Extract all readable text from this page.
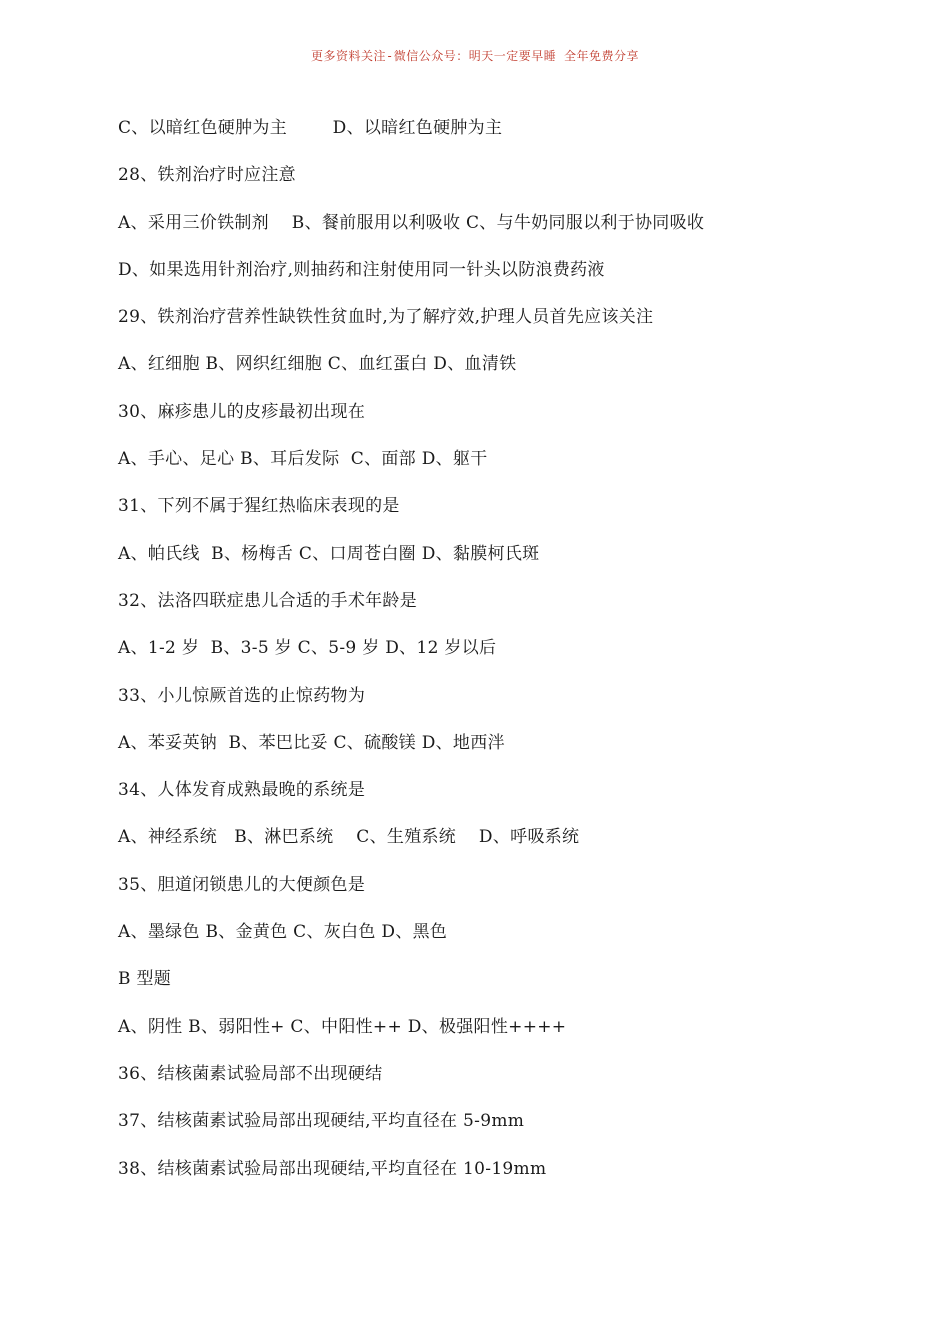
更多资料关注-微信公众号：明天一定要早睡 全年免费分享
C、以暗红色硬肿为主        D、以暗红色硬肿为主
28、铁剂治疗时应注意
A、采用三价铁制剂    B、餐前服用以利吸收 C、与牛奶同服以利于协同吸收
D、如果选用针剂治疗,则抽药和注射使用同一针头以防浪费药液
29、铁剂治疗营养性缺铁性贫血时,为了解疗效,护理人员首先应该关注
A、红细胞 B、网织红细胞 C、血红蛋白 D、血清铁
30、麻疹患儿的皮疹最初出现在
A、手心、足心 B、耳后发际  C、面部 D、躯干
31、下列不属于猩红热临床表现的是
A、帕氏线  B、杨梅舌 C、口周苍白圈 D、黏膜柯氏斑
32、法洛四联症患儿合适的手术年龄是
A、1-2 岁  B、3-5 岁 C、5-9 岁 D、12 岁以后
33、小儿惊厥首选的止惊药物为
A、苯妥英钠  B、苯巴比妥 C、硫酸镁 D、地西泮
34、人体发育成熟最晚的系统是
A、神经系统   B、淋巴系统    C、生殖系统    D、呼吸系统
35、胆道闭锁患儿的大便颜色是
A、墨绿色 B、金黄色 C、灰白色 D、黑色
B 型题
A、阴性 B、弱阳性+ C、中阳性++ D、极强阳性++++
36、结核菌素试验局部不出现硬结
37、结核菌素试验局部出现硬结,平均直径在 5-9mm
38、结核菌素试验局部出现硬结,平均直径在 10-19mm
